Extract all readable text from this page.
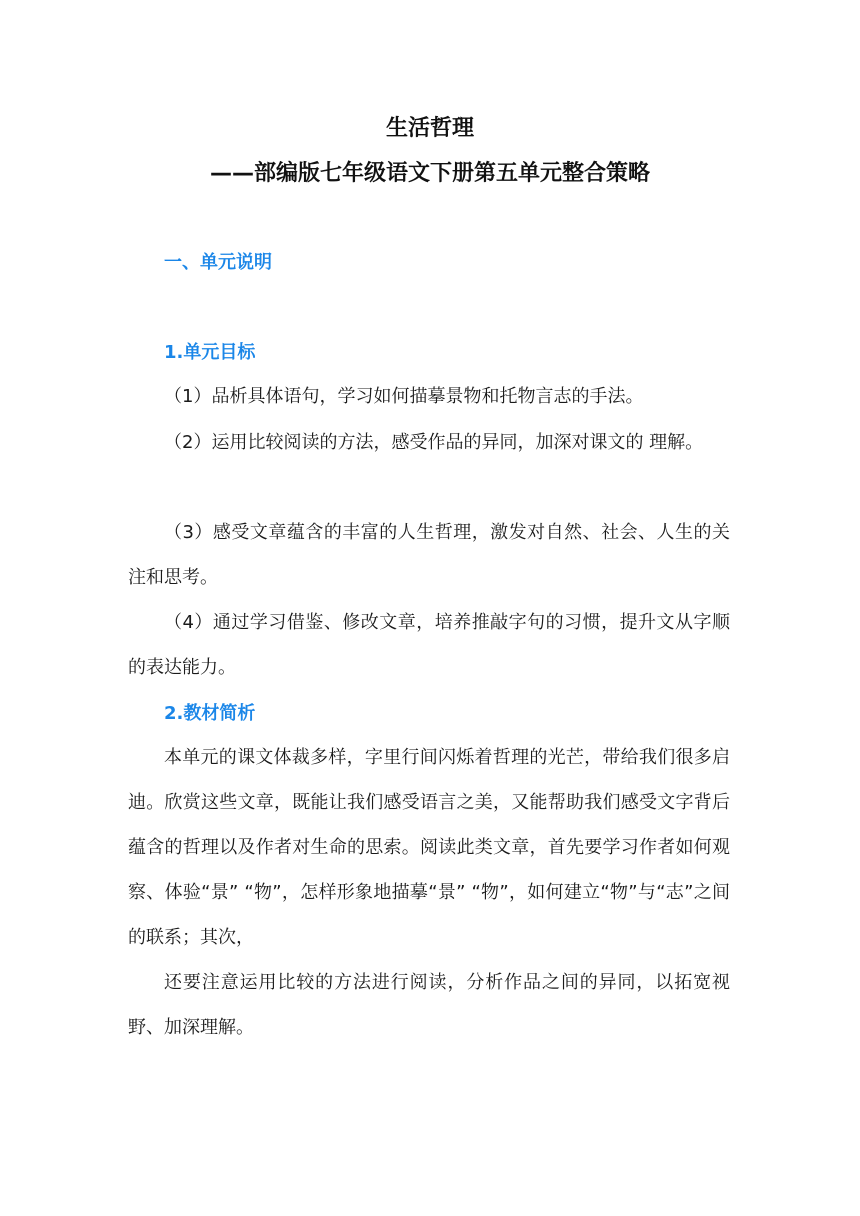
生活哲理
——部编版七年级语文下册第五单元整合策略
一、单元说明
1.单元目标
（1）品析具体语句，学习如何描摹景物和托物言志的手法。
（2）运用比较阅读的方法，感受作品的异同，加深对课文的 理解。
（3）感受文章蕴含的丰富的人生哲理，激发对自然、社会、人生的关注和思考。
（4）通过学习借鉴、修改文章，培养推敲字句的习惯，提升文从字顺的表达能力。
2.教材简析
本单元的课文体裁多样，字里行间闪烁着哲理的光芒，带给我们很多启迪。欣赏这些文章，既能让我们感受语言之美，又能帮助我们感受文字背后蕴含的哲理以及作者对生命的思索。阅读此类文章，首先要学习作者如何观察、体验“景” “物”，怎样形象地描摹“景” “物”，如何建立“物”与“志”之间的联系；其次，
还要注意运用比较的方法进行阅读，分析作品之间的异同，以拓宽视野、加深理解。
